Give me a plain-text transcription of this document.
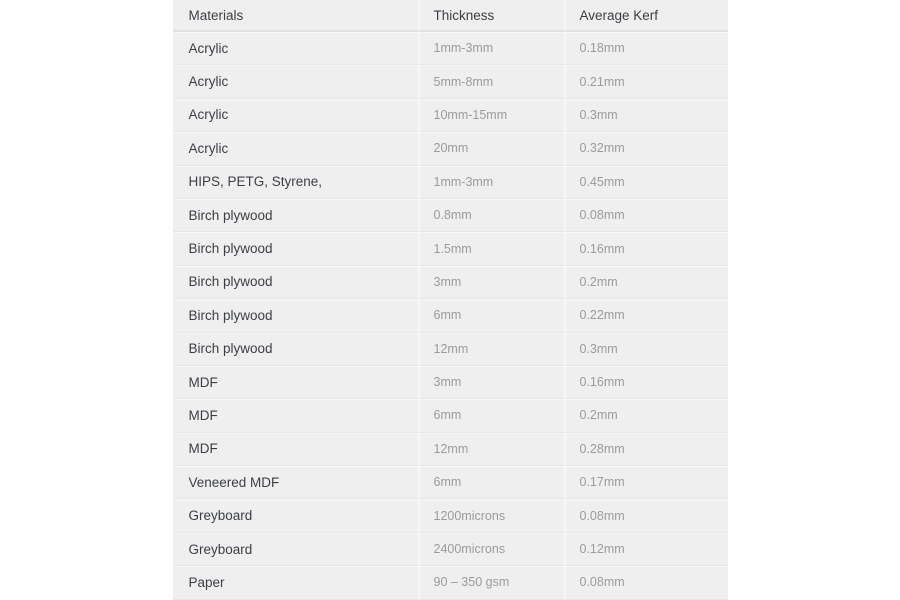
Materials	Thickness	Average Kerf
Acrylic	1mm-3mm	0.18mm
Acrylic	5mm-8mm	0.21mm
Acrylic	10mm-15mm	0.3mm
Acrylic	20mm	0.32mm
HIPS, PETG, Styrene,	1mm-3mm	0.45mm
Birch plywood	0.8mm	0.08mm
Birch plywood	1.5mm	0.16mm
Birch plywood	3mm	0.2mm
Birch plywood	6mm	0.22mm
Birch plywood	12mm	0.3mm
MDF	3mm	0.16mm
MDF	6mm	0.2mm
MDF	12mm	0.28mm
Veneered MDF	6mm	0.17mm
Greyboard	1200microns	0.08mm
Greyboard	2400microns	0.12mm
Paper	90 – 350 gsm	0.08mm
